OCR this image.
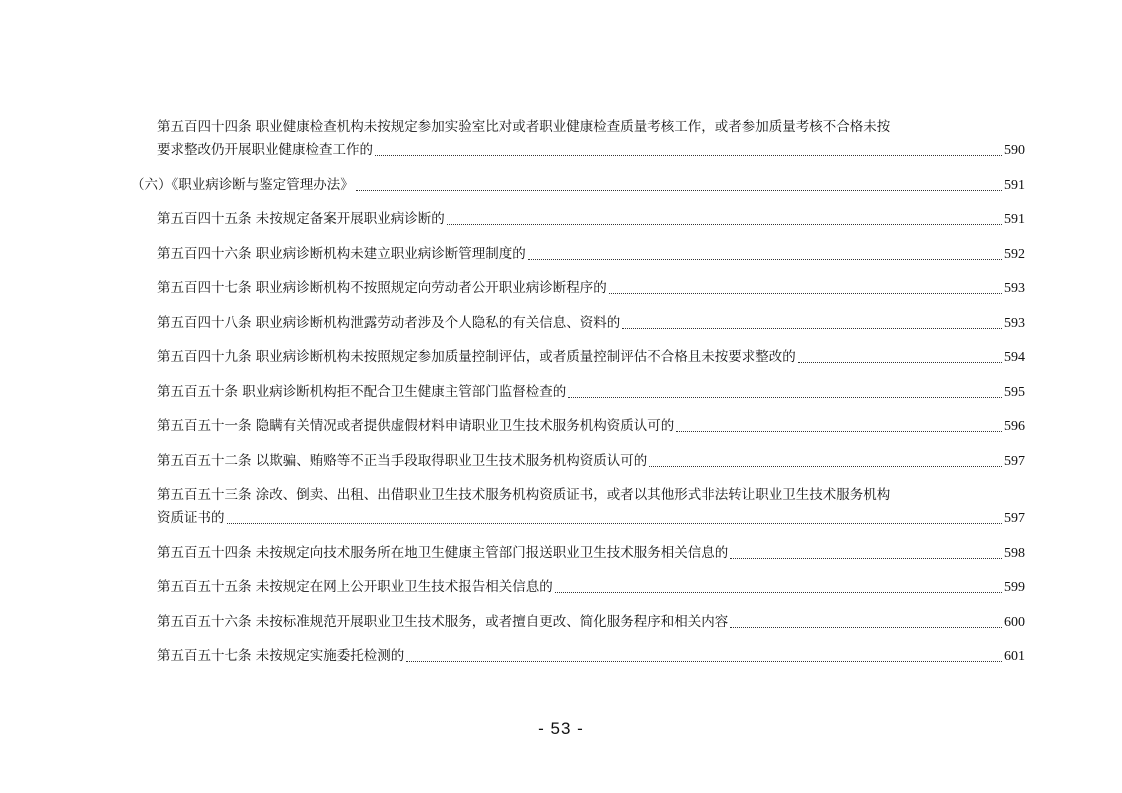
第五百四十四条 职业健康检查机构未按规定参加实验室比对或者职业健康检查质量考核工作，或者参加质量考核不合格未按
要求整改仍开展职业健康检查工作的	590
（六）《职业病诊断与鉴定管理办法》	591
第五百四十五条 未按规定备案开展职业病诊断的	591
第五百四十六条 职业病诊断机构未建立职业病诊断管理制度的	592
第五百四十七条 职业病诊断机构不按照规定向劳动者公开职业病诊断程序的	593
第五百四十八条 职业病诊断机构泄露劳动者涉及个人隐私的有关信息、资料的	593
第五百四十九条 职业病诊断机构未按照规定参加质量控制评估，或者质量控制评估不合格且未按要求整改的	594
第五百五十条 职业病诊断机构拒不配合卫生健康主管部门监督检查的	595
第五百五十一条 隐瞒有关情况或者提供虚假材料申请职业卫生技术服务机构资质认可的	596
第五百五十二条 以欺骗、贿赂等不正当手段取得职业卫生技术服务机构资质认可的	597
第五百五十三条 涂改、倒卖、出租、出借职业卫生技术服务机构资质证书，或者以其他形式非法转让职业卫生技术服务机构
资质证书的	597
第五百五十四条 未按规定向技术服务所在地卫生健康主管部门报送职业卫生技术服务相关信息的	598
第五百五十五条 未按规定在网上公开职业卫生技术报告相关信息的	599
第五百五十六条 未按标准规范开展职业卫生技术服务，或者擅自更改、简化服务程序和相关内容	600
第五百五十七条 未按规定实施委托检测的	601
- 53 -
